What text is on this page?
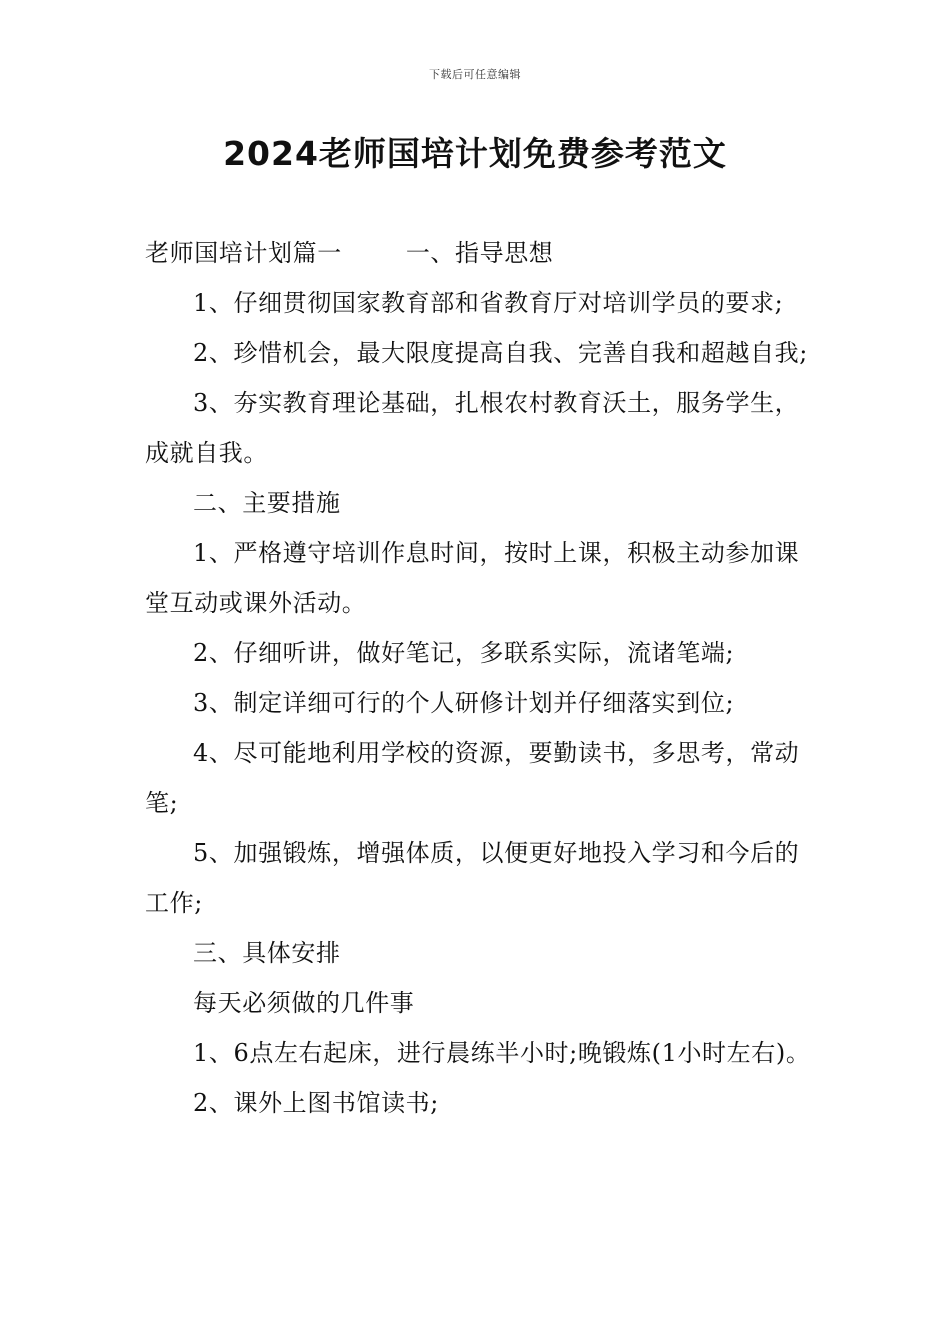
下载后可任意编辑
2024老师国培计划免费参考范文

老师国培计划篇一	一、指导思想

1、仔细贯彻国家教育部和省教育厅对培训学员的要求;

2、珍惜机会，最大限度提高自我、完善自我和超越自我;

3、夯实教育理论基础，扎根农村教育沃土，服务学生，成就自我。

二、主要措施

1、严格遵守培训作息时间，按时上课，积极主动参加课堂互动或课外活动。

2、仔细听讲，做好笔记，多联系实际，流诸笔端;

3、制定详细可行的个人研修计划并仔细落实到位;

4、尽可能地利用学校的资源，要勤读书，多思考，常动笔;

5、加强锻炼，增强体质，以便更好地投入学习和今后的工作;

三、具体安排

每天必须做的几件事

1、6点左右起床，进行晨练半小时;晚锻炼(1小时左右)。

2、课外上图书馆读书;
